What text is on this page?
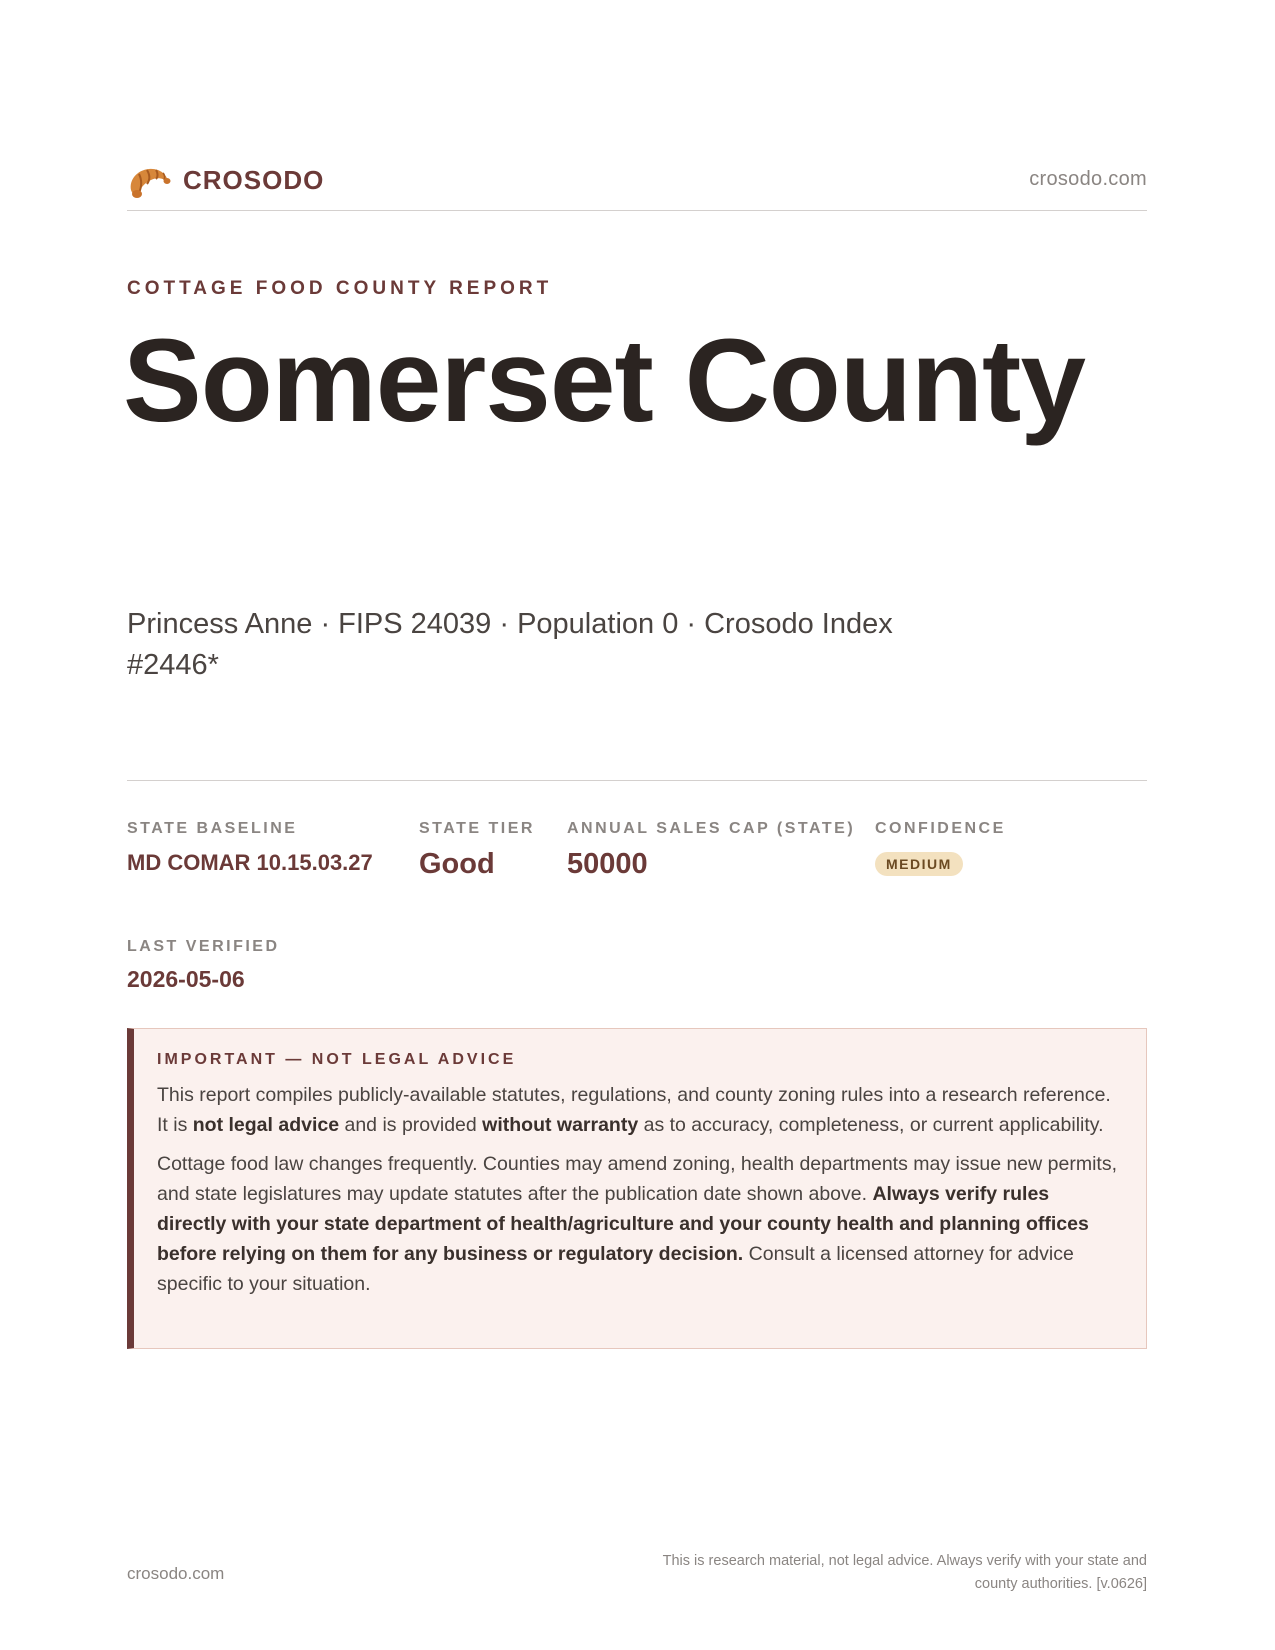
CROSODO	crosodo.com
COTTAGE FOOD COUNTY REPORT
Somerset County
Princess Anne · FIPS 24039 · Population 0 · Crosodo Index #2446*
STATE BASELINE
MD COMAR 10.15.03.27
STATE TIER
Good
ANNUAL SALES CAP (STATE)
50000
CONFIDENCE
MEDIUM
LAST VERIFIED
2026-05-06
IMPORTANT — NOT LEGAL ADVICE

This report compiles publicly-available statutes, regulations, and county zoning rules into a research reference. It is not legal advice and is provided without warranty as to accuracy, completeness, or current applicability.

Cottage food law changes frequently. Counties may amend zoning, health departments may issue new permits, and state legislatures may update statutes after the publication date shown above. Always verify rules directly with your state department of health/agriculture and your county health and planning offices before relying on them for any business or regulatory decision. Consult a licensed attorney for advice specific to your situation.

crosodo.com
This is research material, not legal advice. Always verify with your state and county authorities. [v.0626]
